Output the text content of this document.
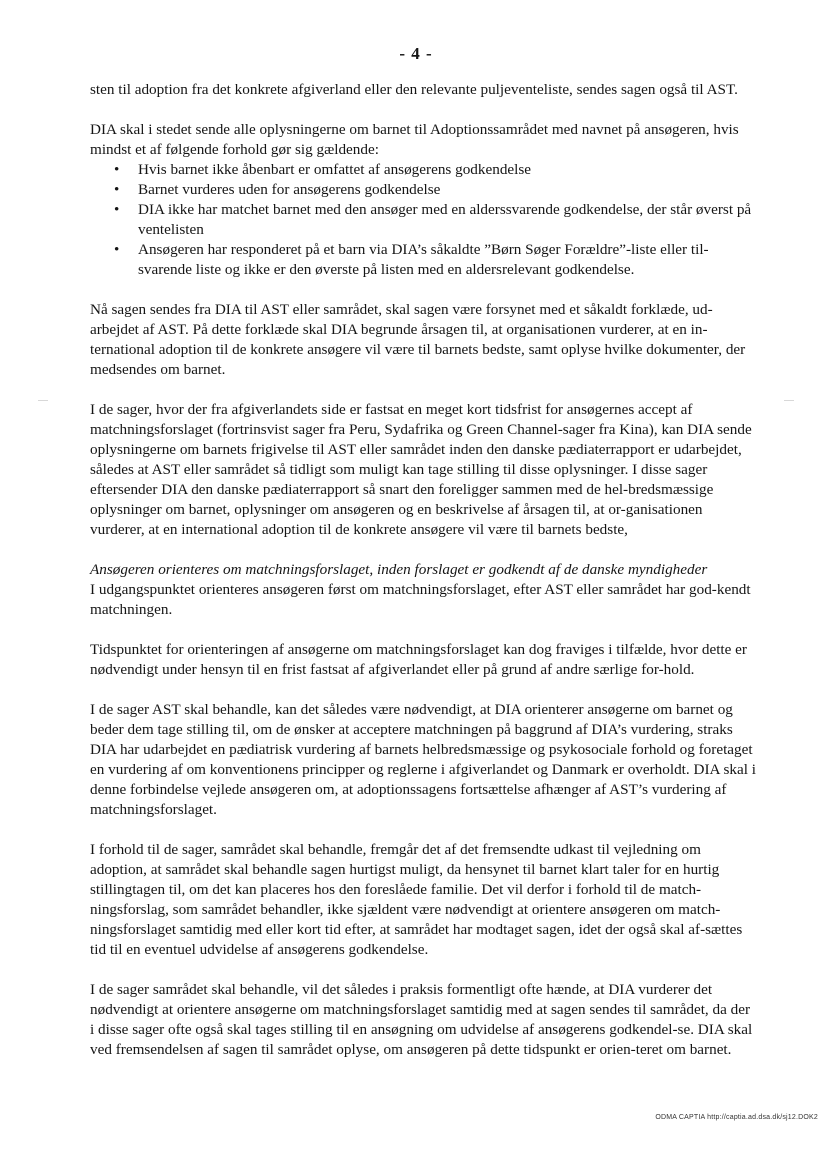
- 4 -

sten til adoption fra det konkrete afgiverland eller den relevante puljeventeliste, sendes sagen også til AST.

DIA skal i stedet sende alle oplysningerne om barnet til Adoptionssamrådet med navnet på ansøgeren, hvis mindst et af følgende forhold gør sig gældende:

• Hvis barnet ikke åbenbart er omfattet af ansøgerens godkendelse
• Barnet vurderes uden for ansøgerens godkendelse
• DIA ikke har matchet barnet med den ansøger med en alderssvarende godkendelse, der står øverst på ventelisten
• Ansøgeren har responderet på et barn via DIA’s såkaldte ”Børn Søger Forældre”-liste eller til-svarende liste og ikke er den øverste på listen med en aldersrelevant godkendelse.

Nå sagen sendes fra DIA til AST eller samrådet, skal sagen være forsynet med et såkaldt forklæde, ud-arbejdet af AST. På dette forklæde skal DIA begrunde årsagen til, at organisationen vurderer, at en in-ternational adoption til de konkrete ansøgere vil være til barnets bedste, samt oplyse hvilke dokumenter, der medsendes om barnet.

I de sager, hvor der fra afgiverlandets side er fastsat en meget kort tidsfrist for ansøgernes accept af matchningsforslaget (fortrinsvist sager fra Peru, Sydafrika og Green Channel-sager fra Kina), kan DIA sende oplysningerne om barnets frigivelse til AST eller samrådet inden den danske pædiaterrapport er udarbejdet, således at AST eller samrådet så tidligt som muligt kan tage stilling til disse oplysninger. I disse sager eftersender DIA den danske pædiaterrapport så snart den foreligger sammen med de hel-bredsmæssige oplysninger om barnet, oplysninger om ansøgeren og en beskrivelse af årsagen til, at or-ganisationen vurderer, at en international adoption til de konkrete ansøgere vil være til barnets bedste,

Ansøgeren orienteres om matchningsforslaget, inden forslaget er godkendt af de danske myndigheder

I udgangspunktet orienteres ansøgeren først om matchningsforslaget, efter AST eller samrådet har god-kendt matchningen.

Tidspunktet for orienteringen af ansøgerne om matchningsforslaget kan dog fraviges i tilfælde, hvor dette er nødvendigt under hensyn til en frist fastsat af afgiverlandet eller på grund af andre særlige for-hold.

I de sager AST skal behandle, kan det således være nødvendigt, at DIA orienterer ansøgerne om barnet og beder dem tage stilling til, om de ønsker at acceptere matchningen på baggrund af DIA’s vurdering, straks DIA har udarbejdet en pædiatrisk vurdering af barnets helbredsmæssige og psykosociale forhold og foretaget en vurdering af om konventionens principper og reglerne i afgiverlandet og Danmark er overholdt. DIA skal i denne forbindelse vejlede ansøgeren om, at adoptionssagens fortsættelse afhænger af AST’s vurdering af matchningsforslaget.

I forhold til de sager, samrådet skal behandle, fremgår det af det fremsendte udkast til vejledning om adoption, at samrådet skal behandle sagen hurtigst muligt, da hensynet til barnet klart taler for en hurtig stillingtagen til, om det kan placeres hos den foreslåede familie. Det vil derfor i forhold til de match-ningsforslag, som samrådet behandler, ikke sjældent være nødvendigt at orientere ansøgeren om match-ningsforslaget samtidig med eller kort tid efter, at samrådet har modtaget sagen, idet der også skal af-sættes tid til en eventuel udvidelse af ansøgerens godkendelse.

I de sager samrådet skal behandle, vil det således i praksis formentligt ofte hænde, at DIA vurderer det nødvendigt at orientere ansøgerne om matchningsforslaget samtidig med at sagen sendes til samrådet, da der i disse sager ofte også skal tages stilling til en ansøgning om udvidelse af ansøgerens godkendel-se. DIA skal ved fremsendelsen af sagen til samrådet oplyse, om ansøgeren på dette tidspunkt er orien-teret om barnet.

ODMA CAPTIA http://captia.ad.dsa.dk/sj12.DOK2
